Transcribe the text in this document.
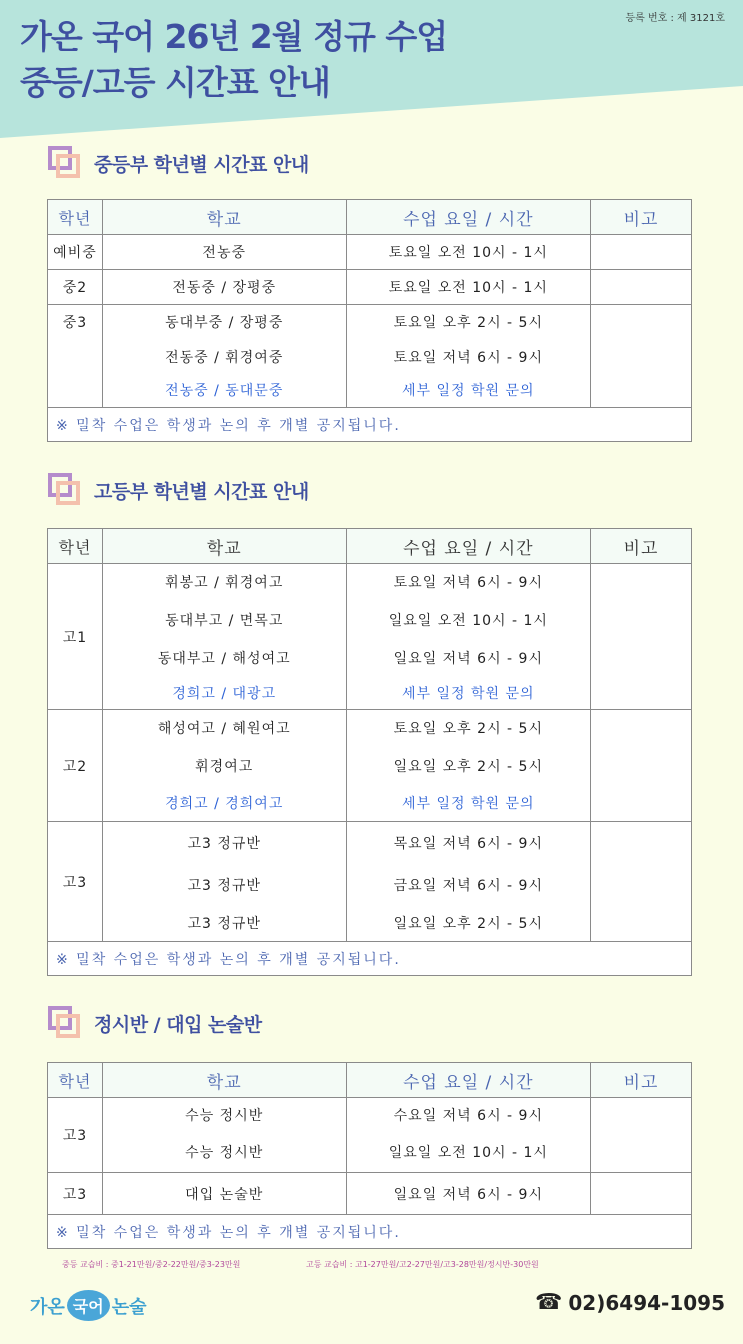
등록 번호 : 제 3121호
가온 국어 26년 2월 정규 수업
중등/고등 시간표 안내
중등부 학년별 시간표 안내
학년	학교	수업 요일 / 시간	비고
예비중	전농중	토요일 오전 10시 - 1시	
중2	전동중 / 장평중	토요일 오전 10시 - 1시	
중3	동대부중 / 장평중	토요일 오후 2시 - 5시	
	전동중 / 휘경여중	토요일 저녁 6시 - 9시	
	전농중 / 동대문중	세부 일정 학원 문의	
※ 밀착 수업은 학생과 논의 후 개별 공지됩니다.			
고등부 학년별 시간표 안내
학년	학교	수업 요일 / 시간	비고
고1	휘봉고 / 휘경여고	토요일 저녁 6시 - 9시	
	동대부고 / 면목고	일요일 오전 10시 - 1시	
	동대부고 / 해성여고	일요일 저녁 6시 - 9시	
	경희고 / 대광고	세부 일정 학원 문의	
고2	해성여고 / 혜원여고	토요일 오후 2시 - 5시	
	휘경여고	일요일 오후 2시 - 5시	
	경희고 / 경희여고	세부 일정 학원 문의	
고3	고3 정규반	목요일 저녁 6시 - 9시	
	고3 정규반	금요일 저녁 6시 - 9시	
	고3 정규반	일요일 오후 2시 - 5시	
※ 밀착 수업은 학생과 논의 후 개별 공지됩니다.			
정시반 / 대입 논술반
학년	학교	수업 요일 / 시간	비고
고3	수능 정시반	수요일 저녁 6시 - 9시	
	수능 정시반	일요일 오전 10시 - 1시	
고3	대입 논술반	일요일 저녁 6시 - 9시	
※ 밀착 수업은 학생과 논의 후 개별 공지됩니다.			
중등 교습비 : 중1-21만원/중2-22만원/중3-23만원	고등 교습비 : 고1-27만원/고2-27만원/고3-28만원/정시반-30만원
가온 국어 논술	☎ 02)6494-1095
